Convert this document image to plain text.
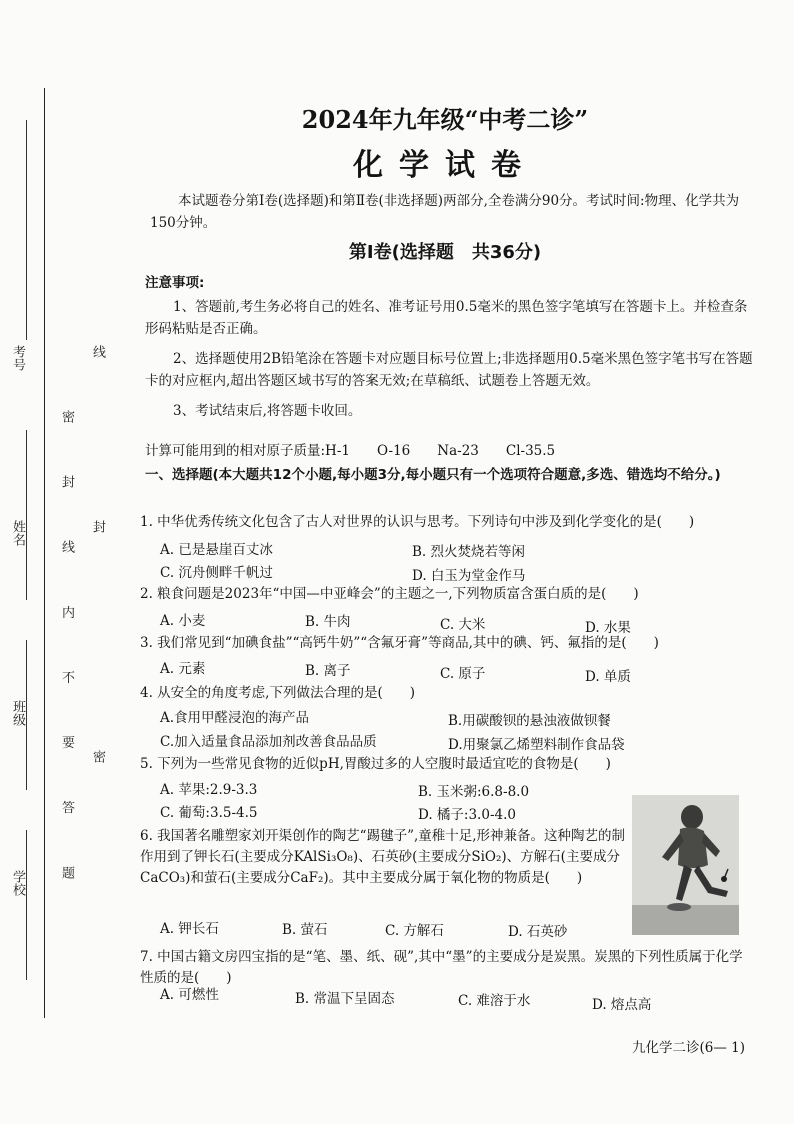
考号
姓名
班级
学校
线
密 封 线 内 不 要 答 题 封
密
2024年九年级“中考二诊”
化学试卷
本试题卷分第Ⅰ卷(选择题)和第Ⅱ卷(非选择题)两部分,全卷满分90分。考试时间:物理、化学共为150分钟。
第Ⅰ卷(选择题　共36分)
注意事项:
1、答题前,考生务必将自己的姓名、准考证号用0.5毫米的黑色签字笔填写在答题卡上。并检查条形码粘贴是否正确。
2、选择题使用2B铅笔涂在答题卡对应题目标号位置上;非选择题用0.5毫米黑色签字笔书写在答题卡的对应框内,超出答题区域书写的答案无效;在草稿纸、试题卷上答题无效。
3、考试结束后,将答题卡收回。
计算可能用到的相对原子质量:H-1　　O-16　　Na-23　　Cl-35.5
一、选择题(本大题共12个小题,每小题3分,每小题只有一个选项符合题意,多选、错选均不给分。)
1. 中华优秀传统文化包含了古人对世界的认识与思考。下列诗句中涉及到化学变化的是(　　)
A. 已是悬崖百丈冰	B. 烈火焚烧若等闲
C. 沉舟侧畔千帆过	D. 白玉为堂金作马
2. 粮食问题是2023年“中国—中亚峰会”的主题之一,下列物质富含蛋白质的是(　　)
A. 小麦	B. 牛肉	C. 大米	D. 水果
3. 我们常见到“加碘食盐”“高钙牛奶”“含氟牙膏”等商品,其中的碘、钙、氟指的是(　　)
A. 元素	B. 离子	C. 原子	D. 单质
4. 从安全的角度考虑,下列做法合理的是(　　)
A.食用甲醛浸泡的海产品	B.用碳酸钡的悬浊液做钡餐
C.加入适量食品添加剂改善食品品质	D.用聚氯乙烯塑料制作食品袋
5. 下列为一些常见食物的近似pH,胃酸过多的人空腹时最适宜吃的食物是(　　)
A. 苹果:2.9-3.3	B. 玉米粥:6.8-8.0
C. 葡萄:3.5-4.5	D. 橘子:3.0-4.0
6. 我国著名雕塑家刘开渠创作的陶艺“踢毽子”,童稚十足,形神兼备。这种陶艺的制作用到了钾长石(主要成分KAlSi₃O₈)、石英砂(主要成分SiO₂)、方解石(主要成分CaCO₃)和萤石(主要成分CaF₂)。其中主要成分属于氧化物的物质是(　　)
A. 钾长石	B. 萤石	C. 方解石	D. 石英砂
7. 中国古籍文房四宝指的是“笔、墨、纸、砚”,其中“墨”的主要成分是炭黑。炭黑的下列性质属于化学性质的是(　　)
A. 可燃性	B. 常温下呈固态	C. 难溶于水	D. 熔点高
九化学二诊(6— 1)
